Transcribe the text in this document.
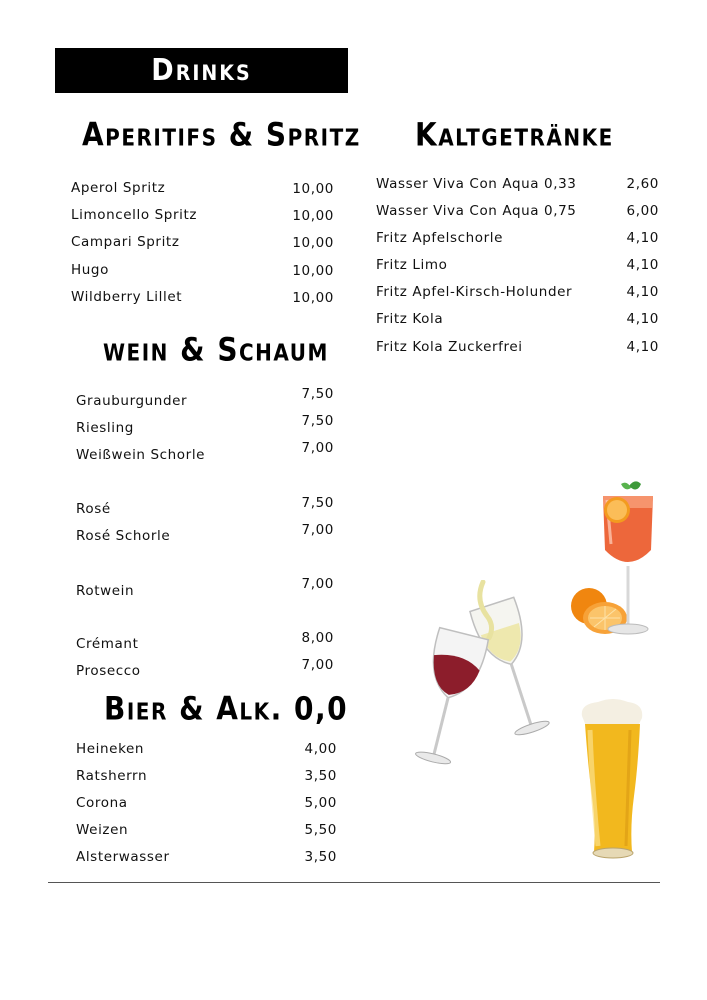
Drinks
Aperitifs & Spritz
wein & Schaum
Bier & Alk. 0,0
Kaltgetränke
Aperol Spritz	10,00
Limoncello Spritz	10,00
Campari Spritz	10,00
Hugo	10,00
Wildberry Lillet	10,00
Grauburgunder	7,50
Riesling	7,50
Weißwein Schorle	7,00
Rosé	7,50
Rosé Schorle	7,00
Rotwein	7,00
Crémant	8,00
Prosecco	7,00
Heineken	4,00
Ratsherrn	3,50
Corona	5,00
Weizen	5,50
Alsterwasser	3,50
Wasser Viva Con Aqua 0,33	2,60
Wasser Viva Con Aqua 0,75	6,00
Fritz Apfelschorle	4,10
Fritz Limo	4,10
Fritz Apfel-Kirsch-Holunder	4,10
Fritz Kola	4,10
Fritz Kola Zuckerfrei	4,10
